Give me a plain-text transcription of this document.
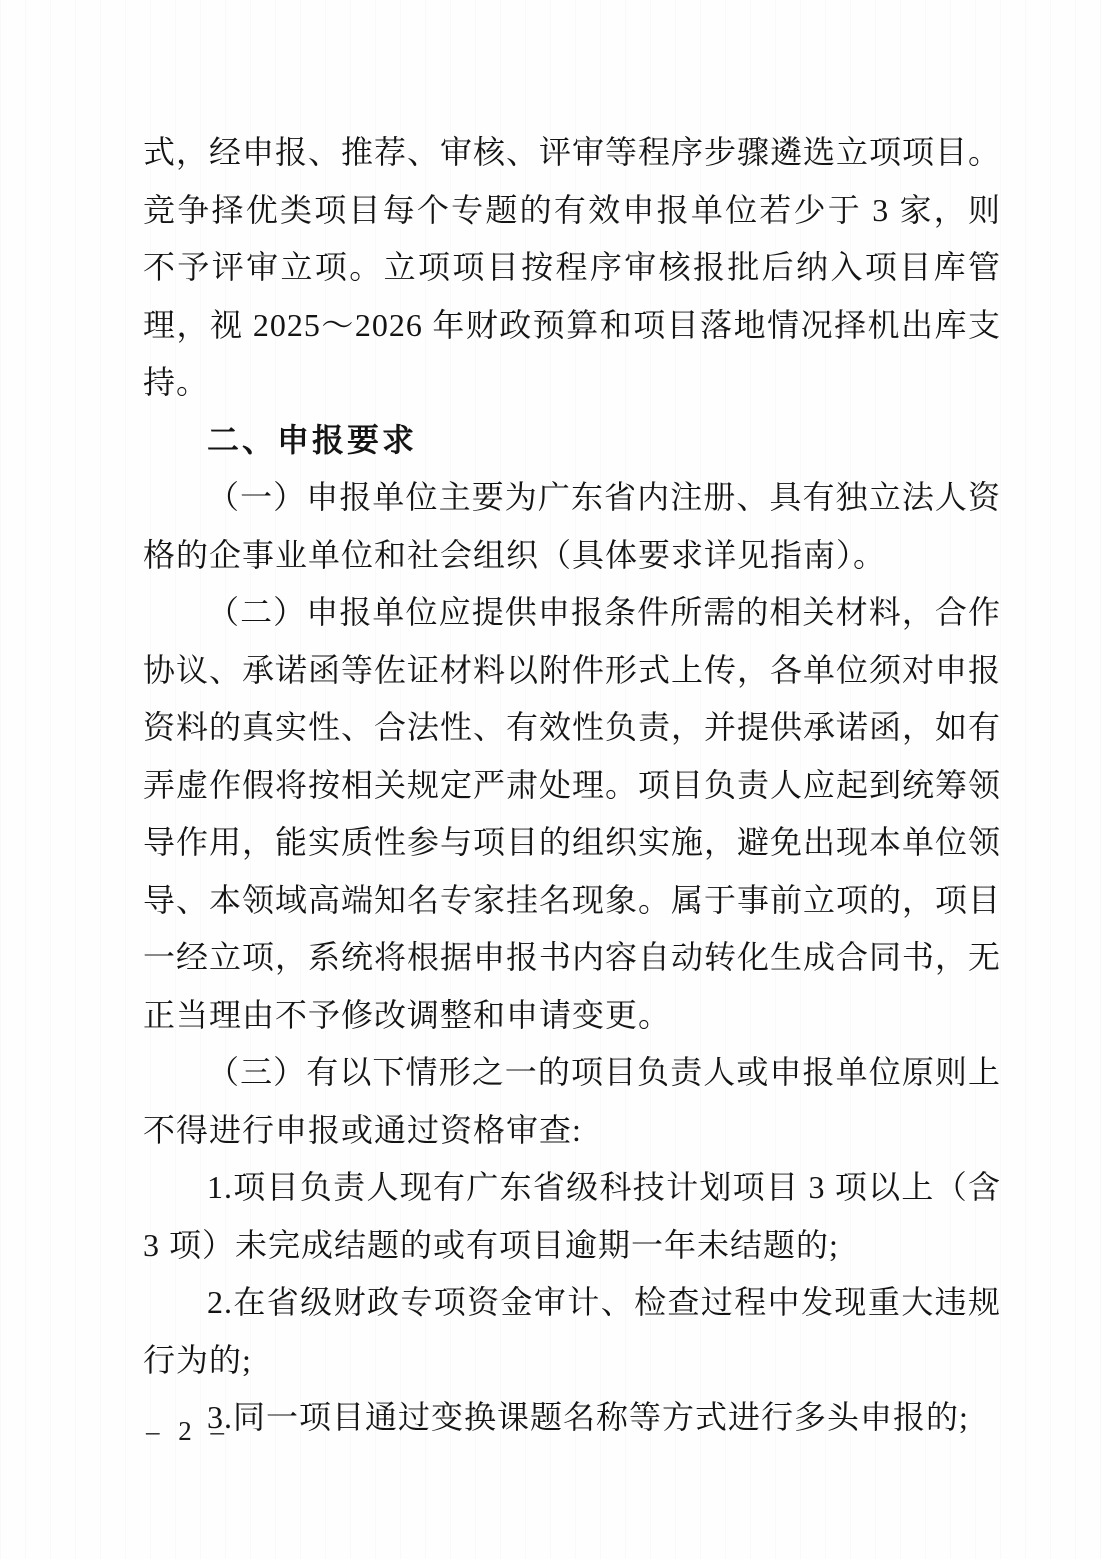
式，经申报、推荐、审核、评审等程序步骤遴选立项项目。竞争择优类项目每个专题的有效申报单位若少于 3 家，则不予评审立项。立项项目按程序审核报批后纳入项目库管理，视 2025～2026 年财政预算和项目落地情况择机出库支持。

二、申报要求

（一）申报单位主要为广东省内注册、具有独立法人资格的企事业单位和社会组织（具体要求详见指南）。

（二）申报单位应提供申报条件所需的相关材料，合作协议、承诺函等佐证材料以附件形式上传，各单位须对申报资料的真实性、合法性、有效性负责，并提供承诺函，如有弄虚作假将按相关规定严肃处理。项目负责人应起到统筹领导作用，能实质性参与项目的组织实施，避免出现本单位领导、本领域高端知名专家挂名现象。属于事前立项的，项目一经立项，系统将根据申报书内容自动转化生成合同书，无正当理由不予修改调整和申请变更。

（三）有以下情形之一的项目负责人或申报单位原则上不得进行申报或通过资格审查:

1.项目负责人现有广东省级科技计划项目 3 项以上（含 3 项）未完成结题的或有项目逾期一年未结题的;

2.在省级财政专项资金审计、检查过程中发现重大违规行为的;

3.同一项目通过变换课题名称等方式进行多头申报的;

– 2 –
